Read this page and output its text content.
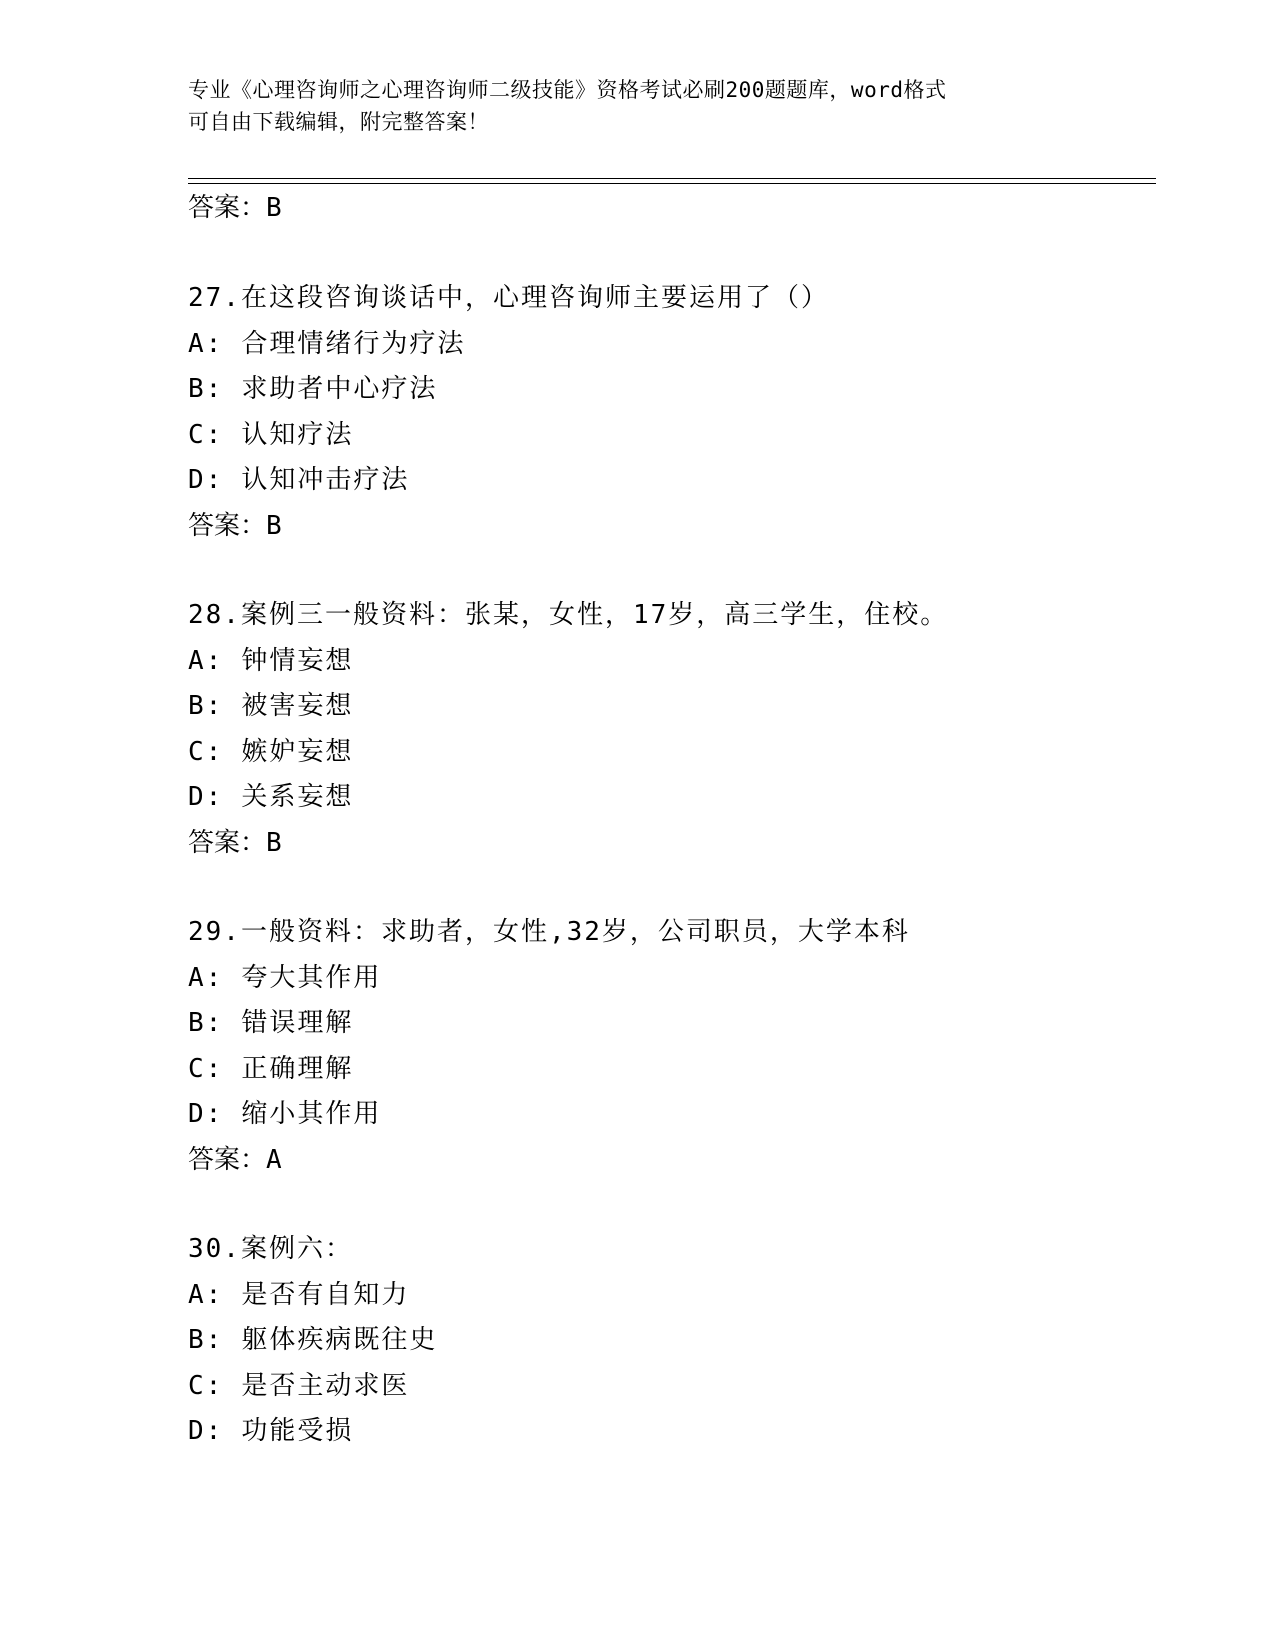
专业《心理咨询师之心理咨询师二级技能》资格考试必刷200题题库，word格式
可自由下载编辑，附完整答案！
答案：B
27.在这段咨询谈话中，心理咨询师主要运用了（）
A: 合理情绪行为疗法
B: 求助者中心疗法
C: 认知疗法
D: 认知冲击疗法
答案：B
28.案例三一般资料：张某，女性，17岁，高三学生，住校。
A: 钟情妄想
B: 被害妄想
C: 嫉妒妄想
D: 关系妄想
答案：B
29.一般资料：求助者，女性,32岁，公司职员，大学本科
A: 夸大其作用
B: 错误理解
C: 正确理解
D: 缩小其作用
答案：A
30.案例六：
A: 是否有自知力
B: 躯体疾病既往史
C: 是否主动求医
D: 功能受损
